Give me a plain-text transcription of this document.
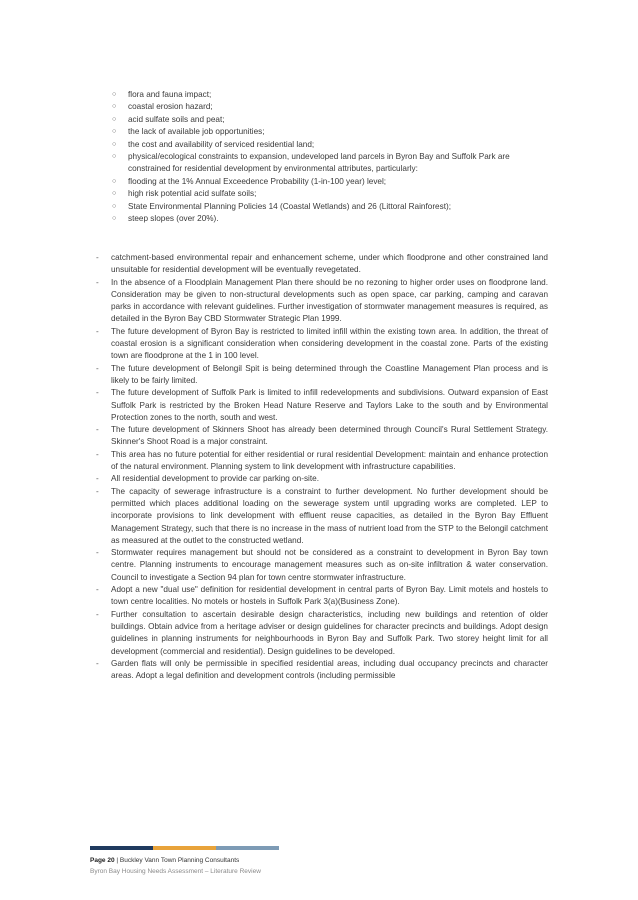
○ flora and fauna impact;
○ coastal erosion hazard;
○ acid sulfate soils and peat;
○ the lack of available job opportunities;
○ the cost and availability of serviced residential land;
○ physical/ecological constraints to expansion, undeveloped land parcels in Byron Bay and Suffolk Park are constrained for residential development by environmental attributes, particularly:
○ flooding at the 1% Annual Exceedence Probability (1-in-100 year) level;
○ high risk potential acid sulfate soils;
○ State Environmental Planning Policies 14 (Coastal Wetlands) and 26 (Littoral Rainforest);
○ steep slopes (over 20%).
- catchment-based environmental repair and enhancement scheme, under which floodprone and other constrained land unsuitable for residential development will be eventually revegetated.
- In the absence of a Floodplain Management Plan there should be no rezoning to higher order uses on floodprone land. Consideration may be given to non-structural developments such as open space, car parking, camping and caravan parks in accordance with relevant guidelines. Further investigation of stormwater management measures is required, as detailed in the Byron Bay CBD Stormwater Strategic Plan 1999.
- The future development of Byron Bay is restricted to limited infill within the existing town area. In addition, the threat of coastal erosion is a significant consideration when considering development in the coastal zone. Parts of the existing town are floodprone at the 1 in 100 level.
- The future development of Belongil Spit is being determined through the Coastline Management Plan process and is likely to be fairly limited.
- The future development of Suffolk Park is limited to infill redevelopments and subdivisions. Outward expansion of East Suffolk Park is restricted by the Broken Head Nature Reserve and Taylors Lake to the south and by Environmental Protection zones to the north, south and west.
- The future development of Skinners Shoot has already been determined through Council's Rural Settlement Strategy. Skinner's Shoot Road is a major constraint.
- This area has no future potential for either residential or rural residential Development: maintain and enhance protection of the natural environment. Planning system to link development with infrastructure capabilities.
- All residential development to provide car parking on-site.
- The capacity of sewerage infrastructure is a constraint to further development. No further development should be permitted which places additional loading on the sewerage system until upgrading works are completed. LEP to incorporate provisions to link development with effluent reuse capacities, as detailed in the Byron Bay Effluent Management Strategy, such that there is no increase in the mass of nutrient load from the STP to the Belongil catchment as measured at the outlet to the constructed wetland.
- Stormwater requires management but should not be considered as a constraint to development in Byron Bay town centre. Planning instruments to encourage management measures such as on-site infiltration & water conservation. Council to investigate a Section 94 plan for town centre stormwater infrastructure.
- Adopt a new "dual use" definition for residential development in central parts of Byron Bay. Limit motels and hostels to town centre localities. No motels or hostels in Suffolk Park 3(a)(Business Zone).
- Further consultation to ascertain desirable design characteristics, including new buildings and retention of older buildings. Obtain advice from a heritage adviser or design guidelines for character precincts and buildings. Adopt design guidelines in planning instruments for neighbourhoods in Byron Bay and Suffolk Park. Two storey height limit for all development (commercial and residential). Design guidelines to be developed.
- Garden flats will only be permissible in specified residential areas, including dual occupancy precincts and character areas. Adopt a legal definition and development controls (including permissible
Page 20 | Buckley Vann Town Planning Consultants
Byron Bay Housing Needs Assessment – Literature Review
